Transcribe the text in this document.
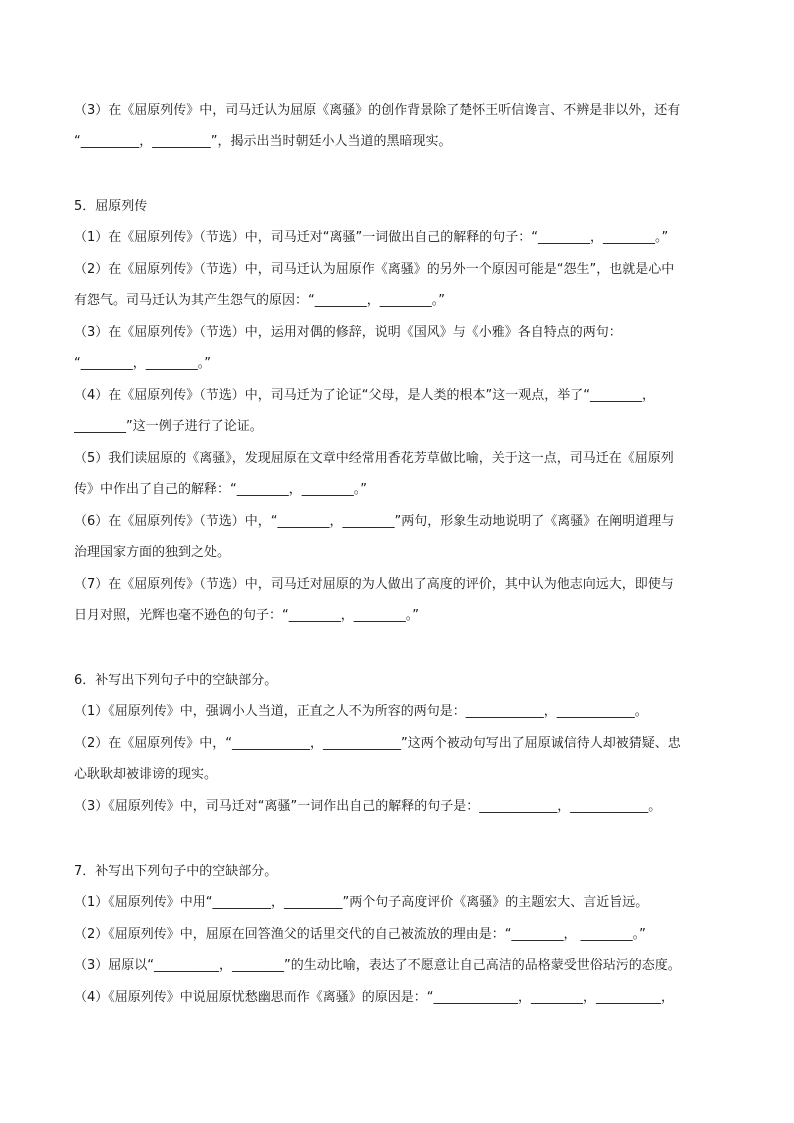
（3）在《屈原列传》中，司马迁认为屈原《离骚》的创作背景除了楚怀王听信谗言、不辨是非以外，还有
“_________，_________”，揭示出当时朝廷小人当道的黑暗现实。
5．屈原列传
（1）在《屈原列传》（节选）中，司马迁对“离骚”一词做出自己的解释的句子：“________，________。”
（2）在《屈原列传》（节选）中，司马迁认为屈原作《离骚》的另外一个原因可能是“怨生”，也就是心中
有怨气。司马迁认为其产生怨气的原因：“________，________。”
（3）在《屈原列传》（节选）中，运用对偶的修辞，说明《国风》与《小雅》各自特点的两句：
“________，________。”
（4）在《屈原列传》（节选）中，司马迁为了论证“父母，是人类的根本”这一观点，举了“________，
________”这一例子进行了论证。
（5）我们读屈原的《离骚》，发现屈原在文章中经常用香花芳草做比喻，关于这一点，司马迁在《屈原列
传》中作出了自己的解释：“________，________。”
（6）在《屈原列传》（节选）中，“________，________”两句，形象生动地说明了《离骚》在阐明道理与
治理国家方面的独到之处。
（7）在《屈原列传》（节选）中，司马迁对屈原的为人做出了高度的评价，其中认为他志向远大，即使与
日月对照，光辉也毫不逊色的句子：“________，________。”
6．补写出下列句子中的空缺部分。
（1）《屈原列传》中，强调小人当道，正直之人不为所容的两句是：____________，____________。
（2）在《屈原列传》中，“____________，____________”这两个被动句写出了屈原诚信待人却被猜疑、忠
心耿耿却被诽谤的现实。
（3）《屈原列传》中，司马迁对“离骚”一词作出自己的解释的句子是：____________，____________。
7．补写出下列句子中的空缺部分。
（1）《屈原列传》中用“_________，_________”两个句子高度评价《离骚》的主题宏大、言近旨远。
（2）《屈原列传》中，屈原在回答渔父的话里交代的自己被流放的理由是：“________， ________。”
（3）屈原以“__________，________”的生动比喻，表达了不愿意让自己高洁的品格蒙受世俗玷污的态度。
（4）《屈原列传》中说屈原忧愁幽思而作《离骚》的原因是：“_____________，________，__________，
